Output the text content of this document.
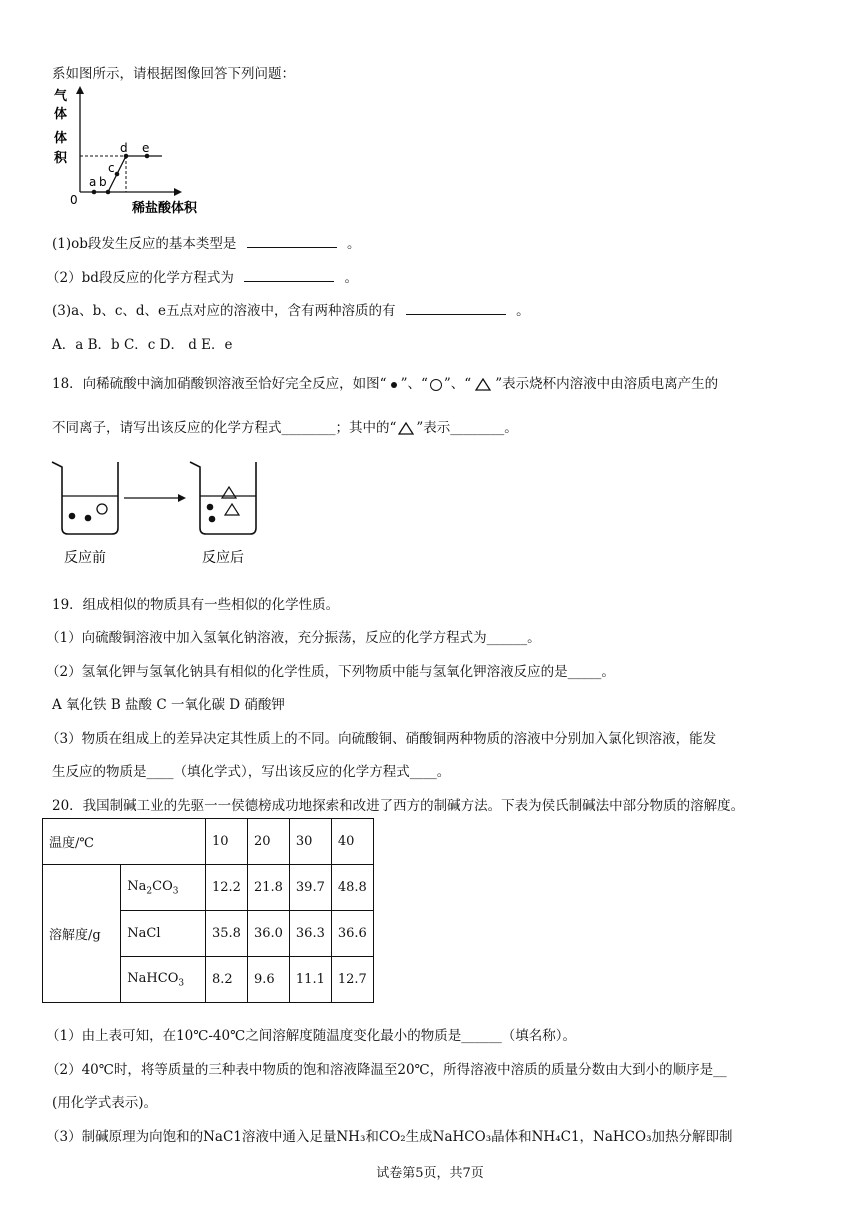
系如图所示，请根据图像回答下列问题：
气
体
体
积
0
a b
c
d e
稀盐酸体积
(1)ob段发生反应的基本类型是	。
（2）bd段反应的化学方程式为	。
(3)a、b、c、d、e五点对应的溶液中，含有两种溶质的有	。
A．a B．b C．c D． d E．e
18．向稀硫酸中滴加硝酸钡溶液至恰好完全反应，如图“ ”、“ ”、“ ”表示烧杯内溶液中由溶质电离产生的
不同离子，请写出该反应的化学方程式________；其中的“ ”表示________。
反应前	反应后
19．组成相似的物质具有一些相似的化学性质。
（1）向硫酸铜溶液中加入氢氧化钠溶液，充分振荡，反应的化学方程式为______。
（2）氢氧化钾与氢氧化钠具有相似的化学性质，下列物质中能与氢氧化钾溶液反应的是_____。
A 氧化铁 B 盐酸 C 一氧化碳 D 硝酸钾
（3）物质在组成上的差异决定其性质上的不同。向硫酸铜、硝酸铜两种物质的溶液中分别加入氯化钡溶液，能发
生反应的物质是____（填化学式），写出该反应的化学方程式____。
20．我国制碱工业的先驱一一侯德榜成功地探索和改进了西方的制碱方法。下表为侯氏制碱法中部分物质的溶解度。
温度/℃		10	20	30	40
溶解度/g	$Na_2CO_3$	12.2	21.8	39.7	48.8
	NaCl	35.8	36.0	36.3	36.6
	NaHCO$_3$	8.2	9.6	11.1	12.7
（1）由上表可知，在10℃-40℃之间溶解度随温度变化最小的物质是______（填名称）。
（2）40℃时，将等质量的三种表中物质的饱和溶液降温至20℃，所得溶液中溶质的质量分数由大到小的顺序是__
(用化学式表示)。
（3）制碱原理为向饱和的NaC1溶液中通入足量NH₃和CO₂生成NaHCO₃晶体和NH₄C1，NaHCO₃加热分解即制
试卷第5页，共7页
